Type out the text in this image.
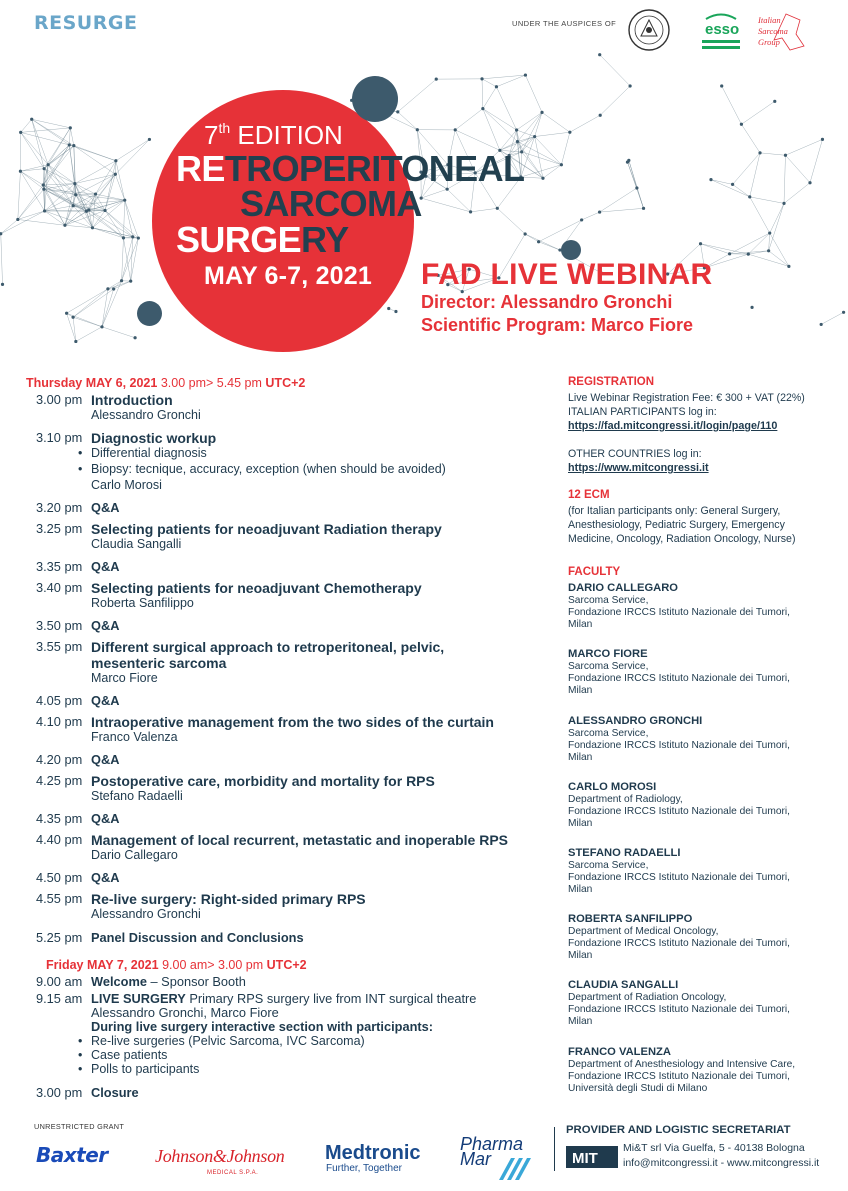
RESURGE	UNDER THE AUSPICES OF	esso
Italian
Sarcoma
Group
7th EDITION
RETROPERITONEAL
SARCOMA
SURGERY
MAY 6-7, 2021 FAD LIVE WEBINAR
Director: Alessandro Gronchi
Scientific Program: Marco Fiore
Thursday MAY 6, 2021 3.00 pm> 5.45 pm UTC+2
3.00 pm Introduction
Alessandro Gronchi
3.10 pm Diagnostic workup
• Differential diagnosis
• Biopsy: tecnique, accuracy, exception (when should be avoided)
Carlo Morosi
3.20 pm Q&A
3.25 pm Selecting patients for neoadjuvant Radiation therapy
Claudia Sangalli
3.35 pm Q&A
3.40 pm Selecting patients for neoadjuvant Chemotherapy
Roberta Sanfilippo
3.50 pm Q&A
3.55 pm Different surgical approach to retroperitoneal, pelvic,
mesenteric sarcoma
Marco Fiore
4.05 pm Q&A
4.10 pm Intraoperative management from the two sides of the curtain
Franco Valenza
4.20 pm Q&A
4.25 pm Postoperative care, morbidity and mortality for RPS
Stefano Radaelli
4.35 pm Q&A
4.40 pm Management of local recurrent, metastatic and inoperable RPS
Dario Callegaro
4.50 pm Q&A
4.55 pm Re-live surgery: Right-sided primary RPS
Alessandro Gronchi
5.25 pm Panel Discussion and Conclusions
Friday MAY 7, 2021 9.00 am> 3.00 pm UTC+2
9.00 am Welcome – Sponsor Booth
9.15 am LIVE SURGERY Primary RPS surgery live from INT surgical theatre
Alessandro Gronchi, Marco Fiore
During live surgery interactive section with participants:
• Re-live surgeries (Pelvic Sarcoma, IVC Sarcoma)
• Case patients
• Polls to participants
3.00 pm Closure
REGISTRATION
Live Webinar Registration Fee: € 300 + VAT (22%)
ITALIAN PARTICIPANTS log in:
https://fad.mitcongressi.it/login/page/110
OTHER COUNTRIES log in:
https://www.mitcongressi.it
12 ECM
(for Italian participants only: General Surgery,
Anesthesiology, Pediatric Surgery, Emergency
Medicine, Oncology, Radiation Oncology, Nurse)
FACULTY
DARIO CALLEGARO
Sarcoma Service,
Fondazione IRCCS Istituto Nazionale dei Tumori,
Milan
MARCO FIORE
Sarcoma Service,
Fondazione IRCCS Istituto Nazionale dei Tumori,
Milan
ALESSANDRO GRONCHI
Sarcoma Service,
Fondazione IRCCS Istituto Nazionale dei Tumori,
Milan
CARLO MOROSI
Department of Radiology,
Fondazione IRCCS Istituto Nazionale dei Tumori,
Milan
STEFANO RADAELLI
Sarcoma Service,
Fondazione IRCCS Istituto Nazionale dei Tumori,
Milan
ROBERTA SANFILIPPO
Department of Medical Oncology,
Fondazione IRCCS Istituto Nazionale dei Tumori,
Milan
CLAUDIA SANGALLI
Department of Radiation Oncology,
Fondazione IRCCS Istituto Nazionale dei Tumori,
Milan
FRANCO VALENZA
Department of Anesthesiology and Intensive Care,
Fondazione IRCCS Istituto Nazionale dei Tumori,
Università degli Studi di Milano
UNRESTRICTED GRANT
Baxter	Johnson&Johnson
MEDICAL S.P.A.
Medtronic
Further, Together
Pharma
Mar
PROVIDER AND LOGISTIC SECRETARIAT
MIT
Mi&T srl Via Guelfa, 5 - 40138 Bologna
info@mitcongressi.it - www.mitcongressi.it
